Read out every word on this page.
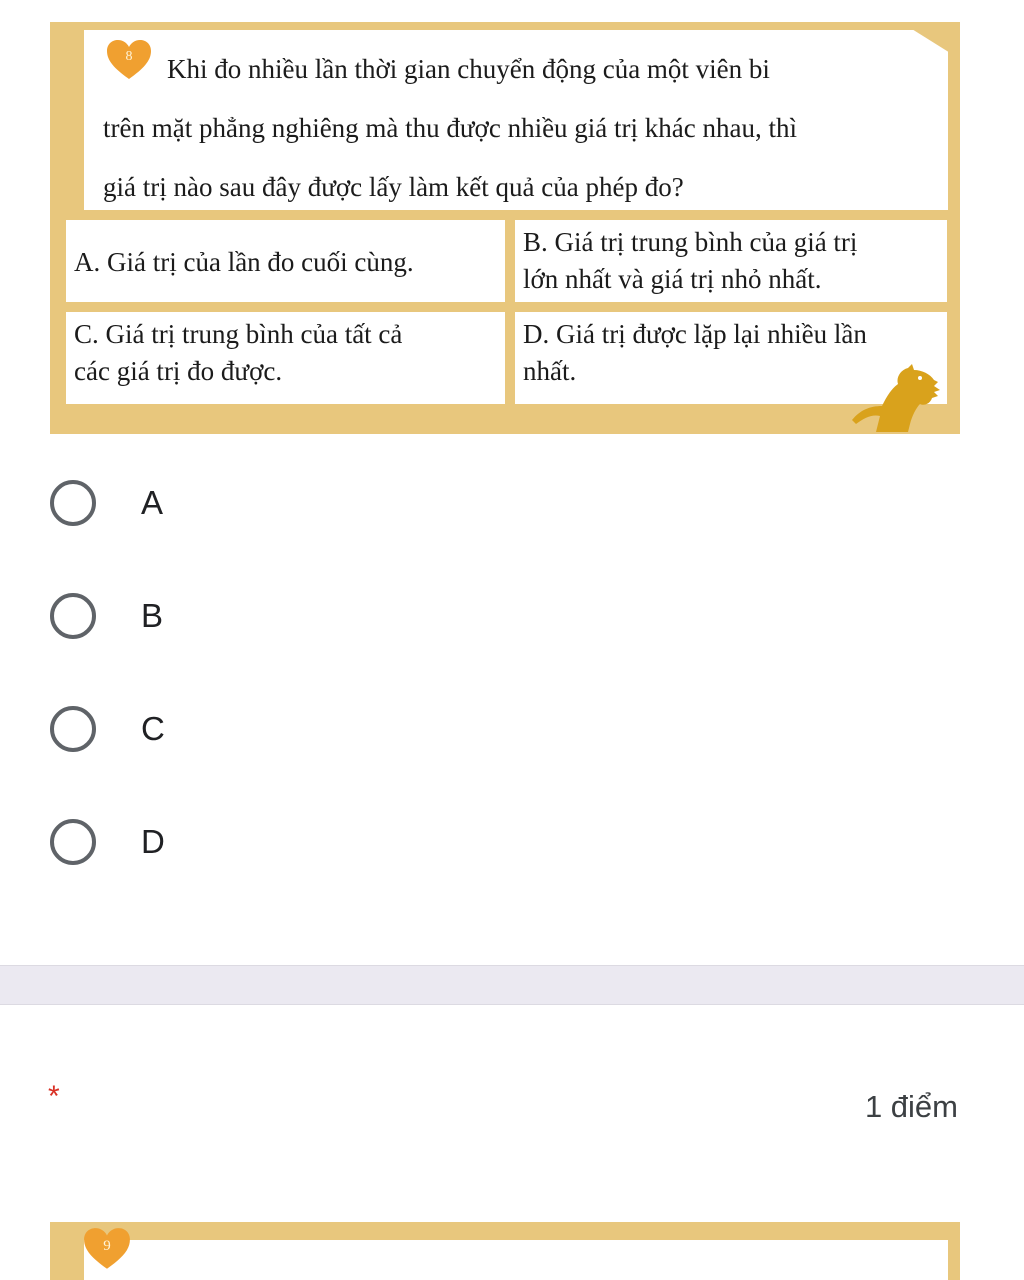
8	Khi đo nhiều lần thời gian chuyển động của một viên bi
trên mặt phẳng nghiêng mà thu được nhiều giá trị khác nhau, thì
giá trị nào sau đây được lấy làm kết quả của phép đo?
A. Giá trị của lần đo cuối cùng.
B. Giá trị trung bình của giá trị
lớn nhất và giá trị nhỏ nhất.
C. Giá trị trung bình của tất cả
các giá trị đo được.
D. Giá trị được lặp lại nhiều lần
nhất.
A
B
C
D
*	1 điểm
9
